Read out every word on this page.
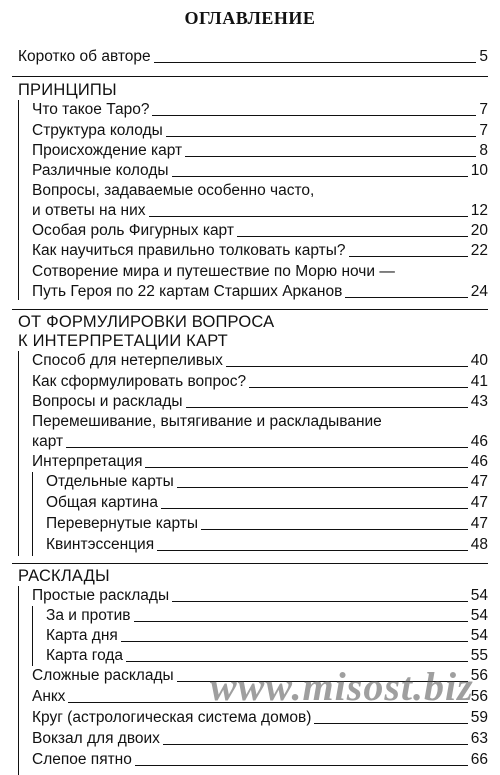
ОГЛАВЛЕНИЕ
Коротко об авторе	5
ПРИНЦИПЫ
Что такое Таро?	7
Структура колоды	7
Происхождение карт	8
Различные колоды	10
Вопросы, задаваемые особенно часто,
и ответы на них	12
Особая роль Фигурных карт	20
Как научиться правильно толковать карты?	22
Сотворение мира и путешествие по Морю ночи —
Путь Героя по 22 картам Старших Арканов	24
ОТ ФОРМУЛИРОВКИ ВОПРОСА
К ИНТЕРПРЕТАЦИИ КАРТ
Способ для нетерпеливых	40
Как сформулировать вопрос?	41
Вопросы и расклады	43
Перемешивание, вытягивание и раскладывание
карт	46
Интерпретация	46
Отдельные карты	47
Общая картина	47
Перевернутые карты	47
Квинтэссенция	48
РАСКЛАДЫ
Простые расклады	54
За и против	54
Карта дня	54
Карта года	55
Сложные расклады	56
Анкх	56
Круг (астрологическая система домов)	59
Вокзал для двоих	63
Слепое пятно	66
www.misost.biz
